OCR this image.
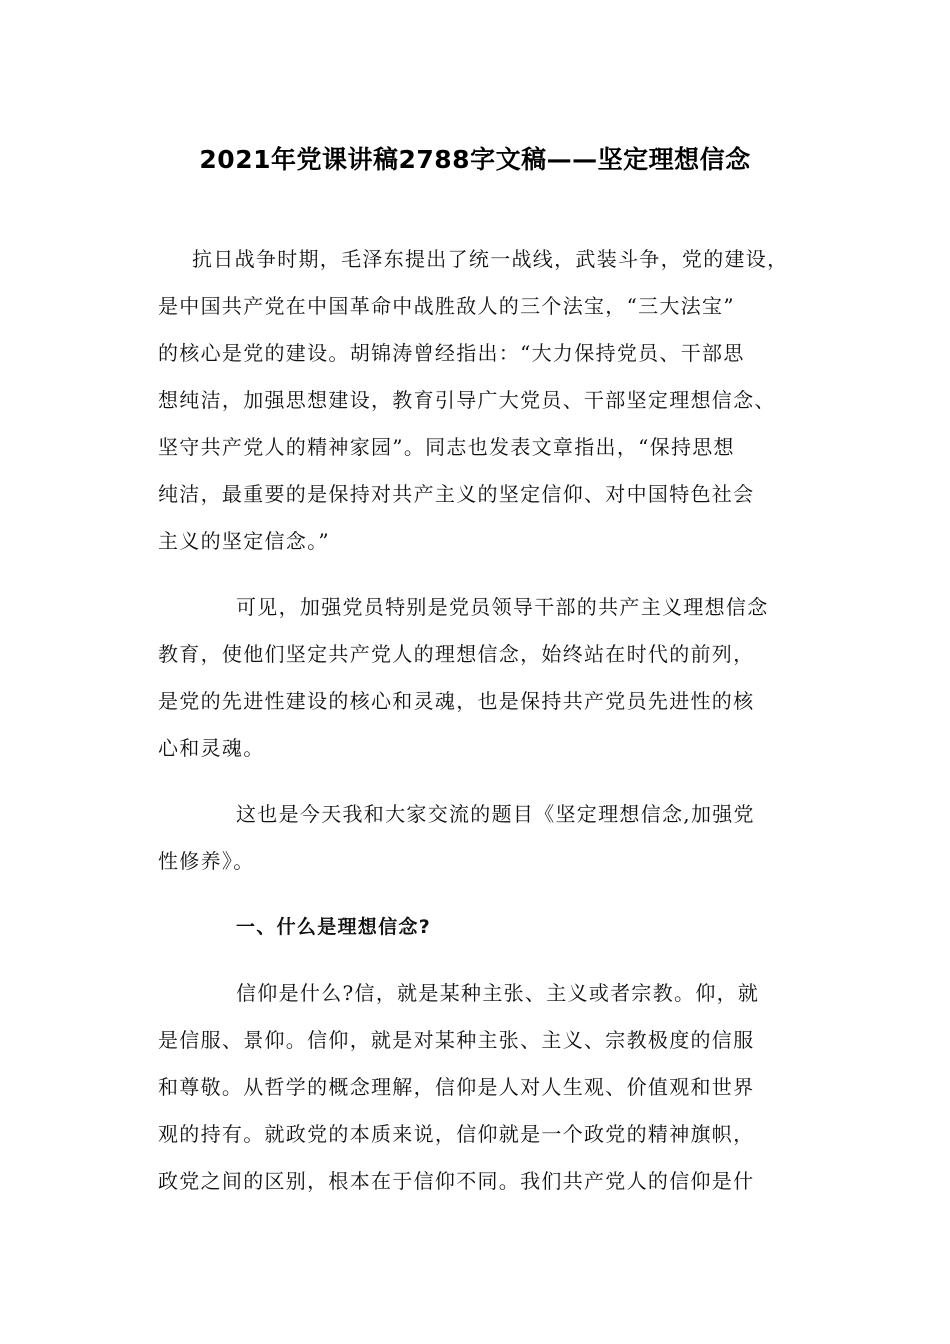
2021年党课讲稿2788字文稿——坚定理想信念
抗日战争时期，毛泽东提出了统一战线，武装斗争，党的建设，
是中国共产党在中国革命中战胜敌人的三个法宝，“三大法宝”
的核心是党的建设。胡锦涛曾经指出：“大力保持党员、干部思
想纯洁，加强思想建设，教育引导广大党员、干部坚定理想信念、
坚守共产党人的精神家园”。同志也发表文章指出，“保持思想
纯洁，最重要的是保持对共产主义的坚定信仰、对中国特色社会
主义的坚定信念。”
可见，加强党员特别是党员领导干部的共产主义理想信念
教育，使他们坚定共产党人的理想信念，始终站在时代的前列，
是党的先进性建设的核心和灵魂，也是保持共产党员先进性的核
心和灵魂。
这也是今天我和大家交流的题目《坚定理想信念,加强党
性修养》。
一、什么是理想信念?
信仰是什么?信，就是某种主张、主义或者宗教。仰，就
是信服、景仰。信仰，就是对某种主张、主义、宗教极度的信服
和尊敬。从哲学的概念理解，信仰是人对人生观、价值观和世界
观的持有。就政党的本质来说，信仰就是一个政党的精神旗帜，
政党之间的区别，根本在于信仰不同。我们共产党人的信仰是什
